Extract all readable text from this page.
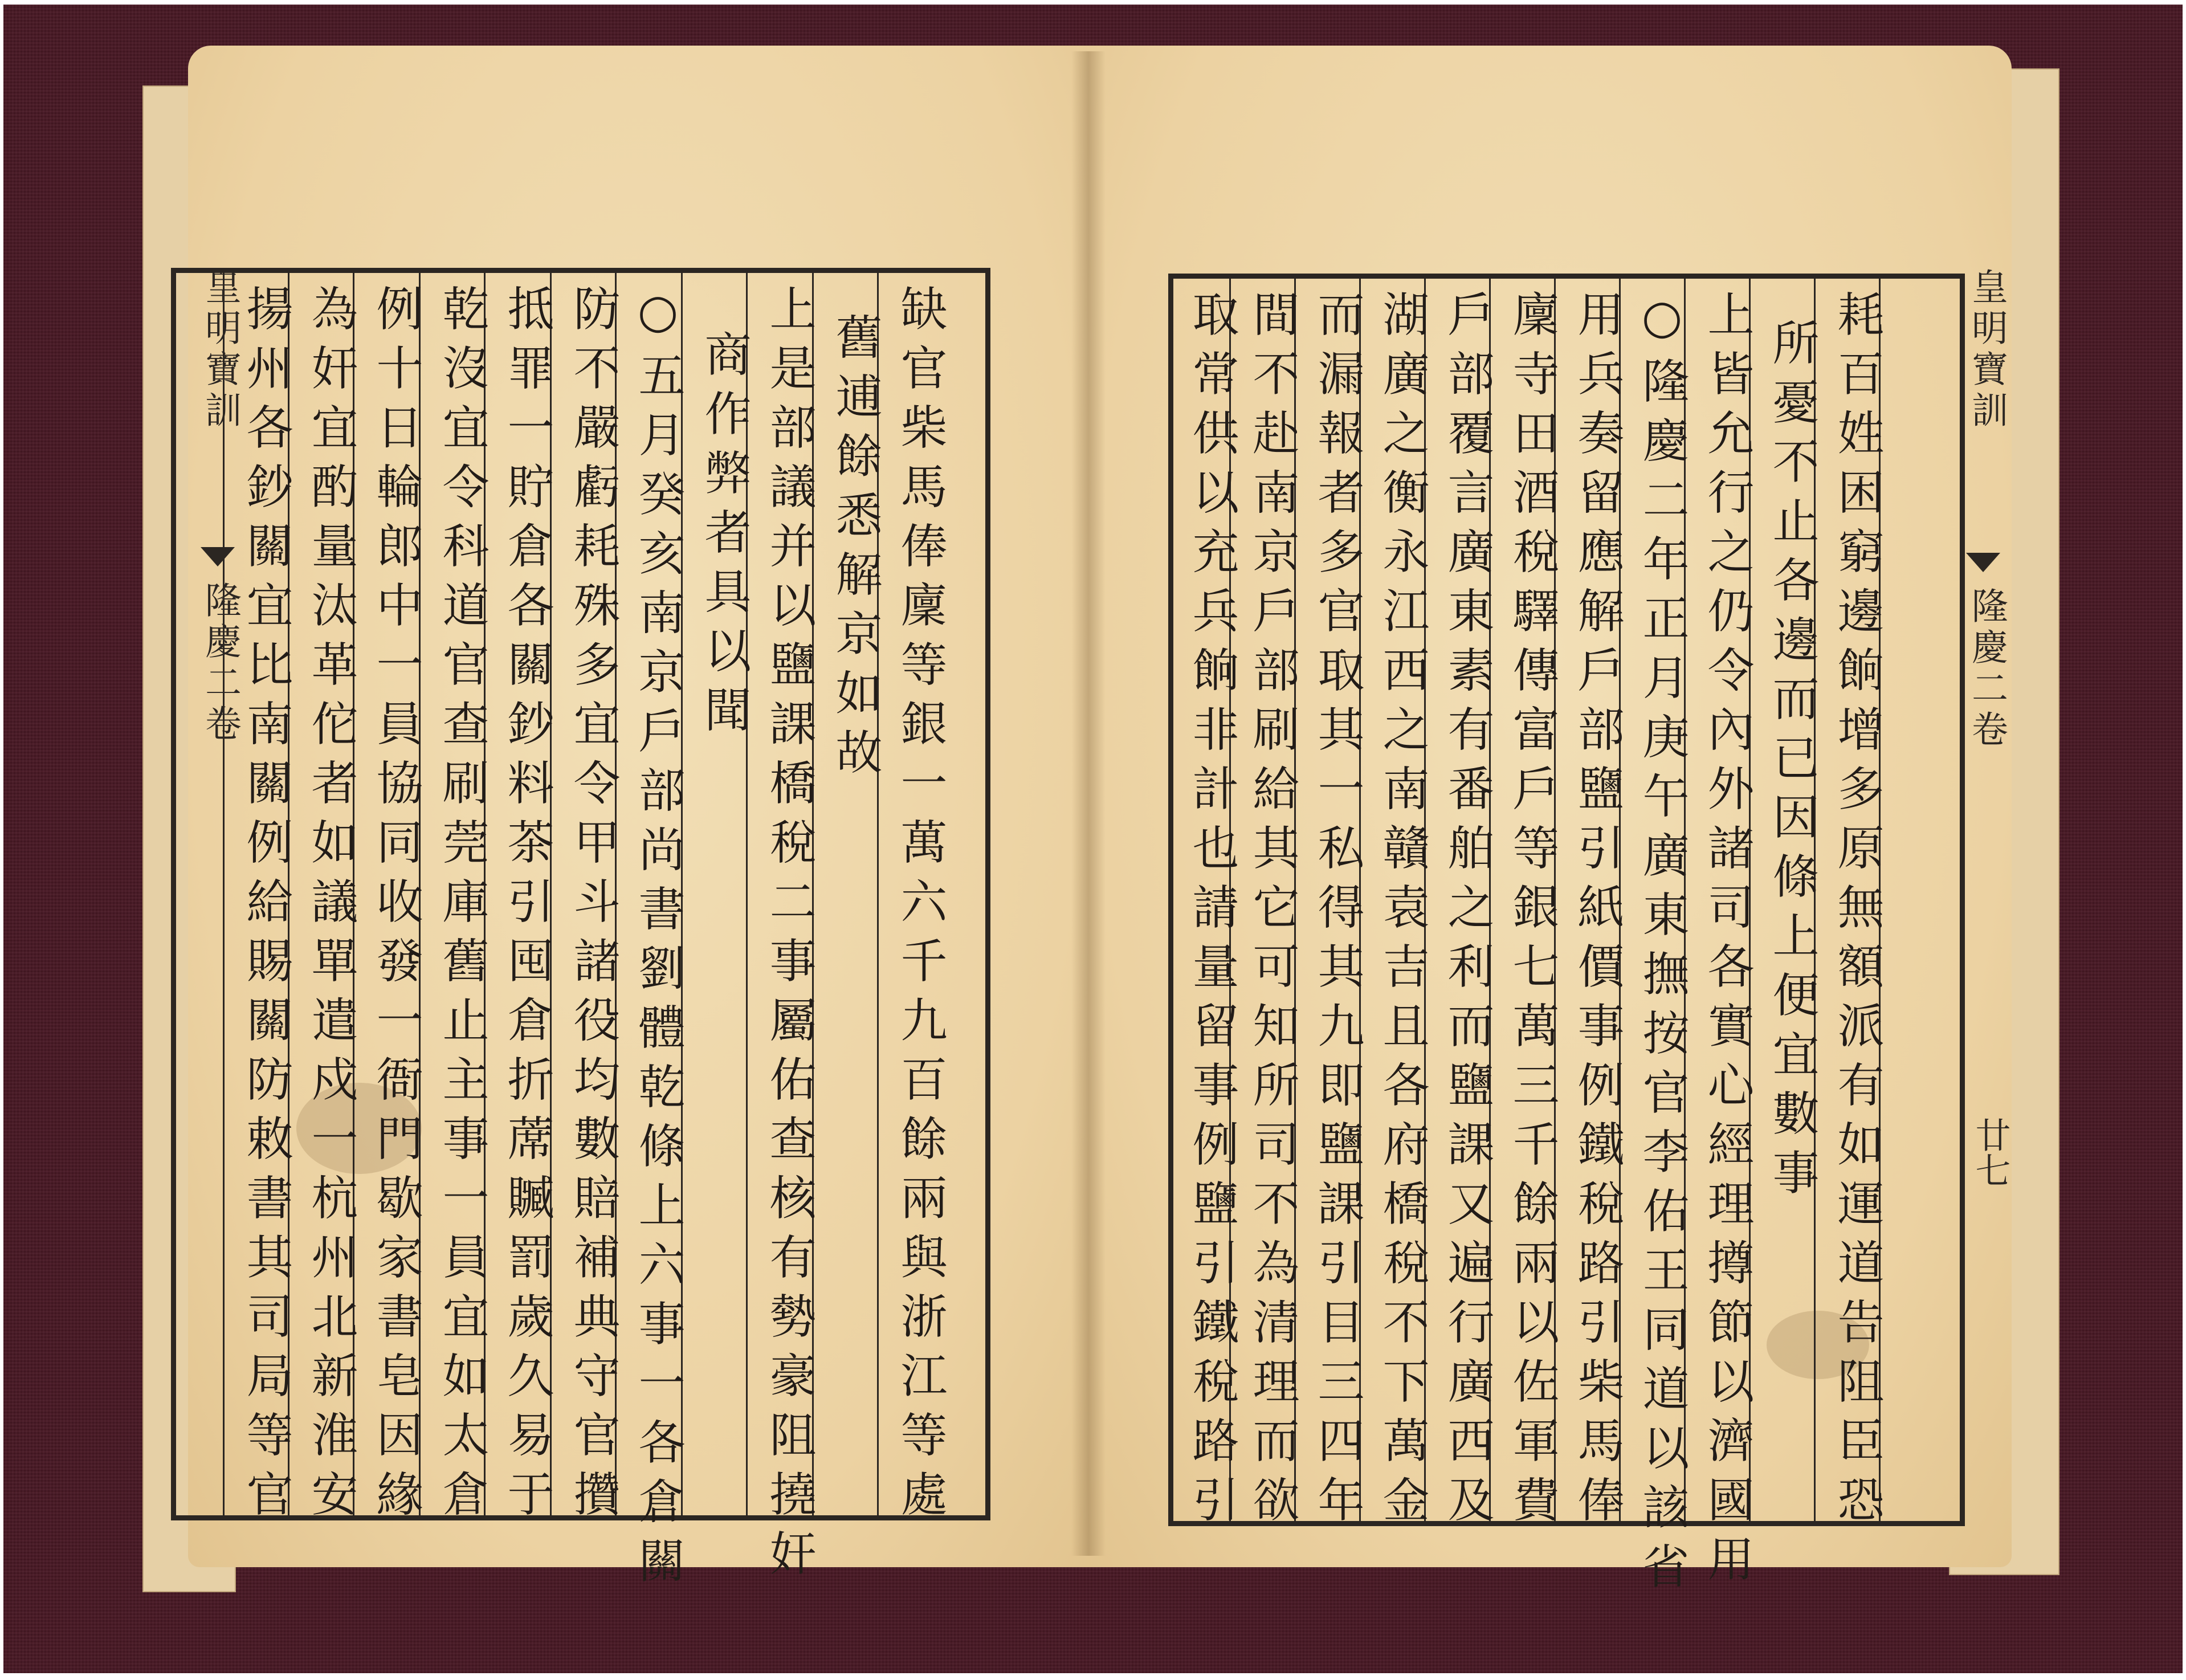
缺官柴馬俸廩等銀一萬六千九百餘兩與浙江等處
舊逋餘悉解京如故
上是部議并以鹽課橋稅二事屬佑查核有勢豪阻撓奸
商作弊者具以聞
○五月癸亥南京戶部尚書劉體乾條上六事一各倉關
防不嚴虧耗殊多宜令甲斗諸役均數賠補典守官攢
抵罪一貯倉各關鈔料茶引囤倉折蓆贓罰歲久易于
乾沒宜令科道官查刷莞庫舊止主事一員宜如太倉
例十日輪郎中一員協同收發一衙門歇家書皂因緣
為奸宜酌量汰革佗者如議單遣戍一杭州北新淮安
揚州各鈔關宜比南關例給賜關防敕書其司局等官
皇明寶訓
隆慶二卷	耗百姓困窮邊餉增多原無額派有如運道告阻臣恐
所憂不止各邊而已因條上便宜數事
上皆允行之仍令內外諸司各實心經理撙節以濟國用
○隆慶二年正月庚午廣東撫按官李佑王同道以該省
用兵奏留應解戶部鹽引紙價事例鐵稅路引柴馬俸
廩寺田酒稅驛傳富戶等銀七萬三千餘兩以佐軍費
戶部覆言廣東素有番舶之利而鹽課又遍行廣西及
湖廣之衡永江西之南贛袁吉且各府橋稅不下萬金
而漏報者多官取其一私得其九即鹽課引目三四年
間不赴南京戶部刷給其它可知所司不為清理而欲
取常供以充兵餉非計也請量留事例鹽引鐵稅路引	皇明寶訓
隆慶二卷
廿七
